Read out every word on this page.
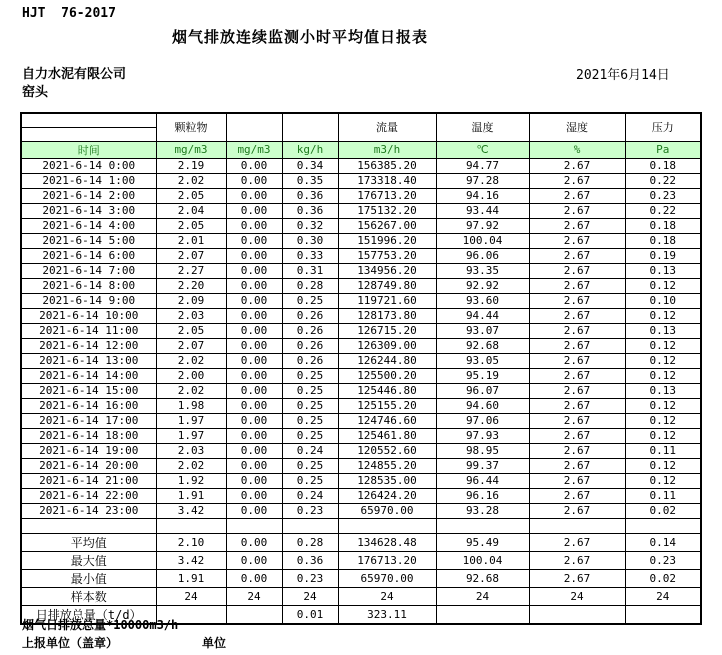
HJT  76-2017
烟气排放连续监测小时平均值日报表
自力水泥有限公司
窑头
2021年6月14日
	颗粒物			流量	温度	湿度	压力

时间	mg/m3	mg/m3	kg/h	m3/h	℃	%	Pa
2021-6-14 0:00	2.19	0.00	0.34	156385.20	94.77	2.67	0.18
2021-6-14 1:00	2.02	0.00	0.35	173318.40	97.28	2.67	0.22
2021-6-14 2:00	2.05	0.00	0.36	176713.20	94.16	2.67	0.23
2021-6-14 3:00	2.04	0.00	0.36	175132.20	93.44	2.67	0.22
2021-6-14 4:00	2.05	0.00	0.32	156267.00	97.92	2.67	0.18
2021-6-14 5:00	2.01	0.00	0.30	151996.20	100.04	2.67	0.18
2021-6-14 6:00	2.07	0.00	0.33	157753.20	96.06	2.67	0.19
2021-6-14 7:00	2.27	0.00	0.31	134956.20	93.35	2.67	0.13
2021-6-14 8:00	2.20	0.00	0.28	128749.80	92.92	2.67	0.12
2021-6-14 9:00	2.09	0.00	0.25	119721.60	93.60	2.67	0.10
2021-6-14 10:00	2.03	0.00	0.26	128173.80	94.44	2.67	0.12
2021-6-14 11:00	2.05	0.00	0.26	126715.20	93.07	2.67	0.13
2021-6-14 12:00	2.07	0.00	0.26	126309.00	92.68	2.67	0.12
2021-6-14 13:00	2.02	0.00	0.26	126244.80	93.05	2.67	0.12
2021-6-14 14:00	2.00	0.00	0.25	125500.20	95.19	2.67	0.12
2021-6-14 15:00	2.02	0.00	0.25	125446.80	96.07	2.67	0.13
2021-6-14 16:00	1.98	0.00	0.25	125155.20	94.60	2.67	0.12
2021-6-14 17:00	1.97	0.00	0.25	124746.60	97.06	2.67	0.12
2021-6-14 18:00	1.97	0.00	0.25	125461.80	97.93	2.67	0.12
2021-6-14 19:00	2.03	0.00	0.24	120552.60	98.95	2.67	0.11
2021-6-14 20:00	2.02	0.00	0.25	124855.20	99.37	2.67	0.12
2021-6-14 21:00	1.92	0.00	0.25	128535.00	96.44	2.67	0.12
2021-6-14 22:00	1.91	0.00	0.24	126424.20	96.16	2.67	0.11
2021-6-14 23:00	3.42	0.00	0.23	65970.00	93.28	2.67	0.02

平均值	2.10	0.00	0.28	134628.48	95.49	2.67	0.14
最大值	3.42	0.00	0.36	176713.20	100.04	2.67	0.23
最小值	1.91	0.00	0.23	65970.00	92.68	2.67	0.02
样本数	24	24	24	24	24	24	24
日排放总量（t/d）			0.01	323.11			
烟气日排放总量*10000m3/h
上报单位（盖章）	单位
